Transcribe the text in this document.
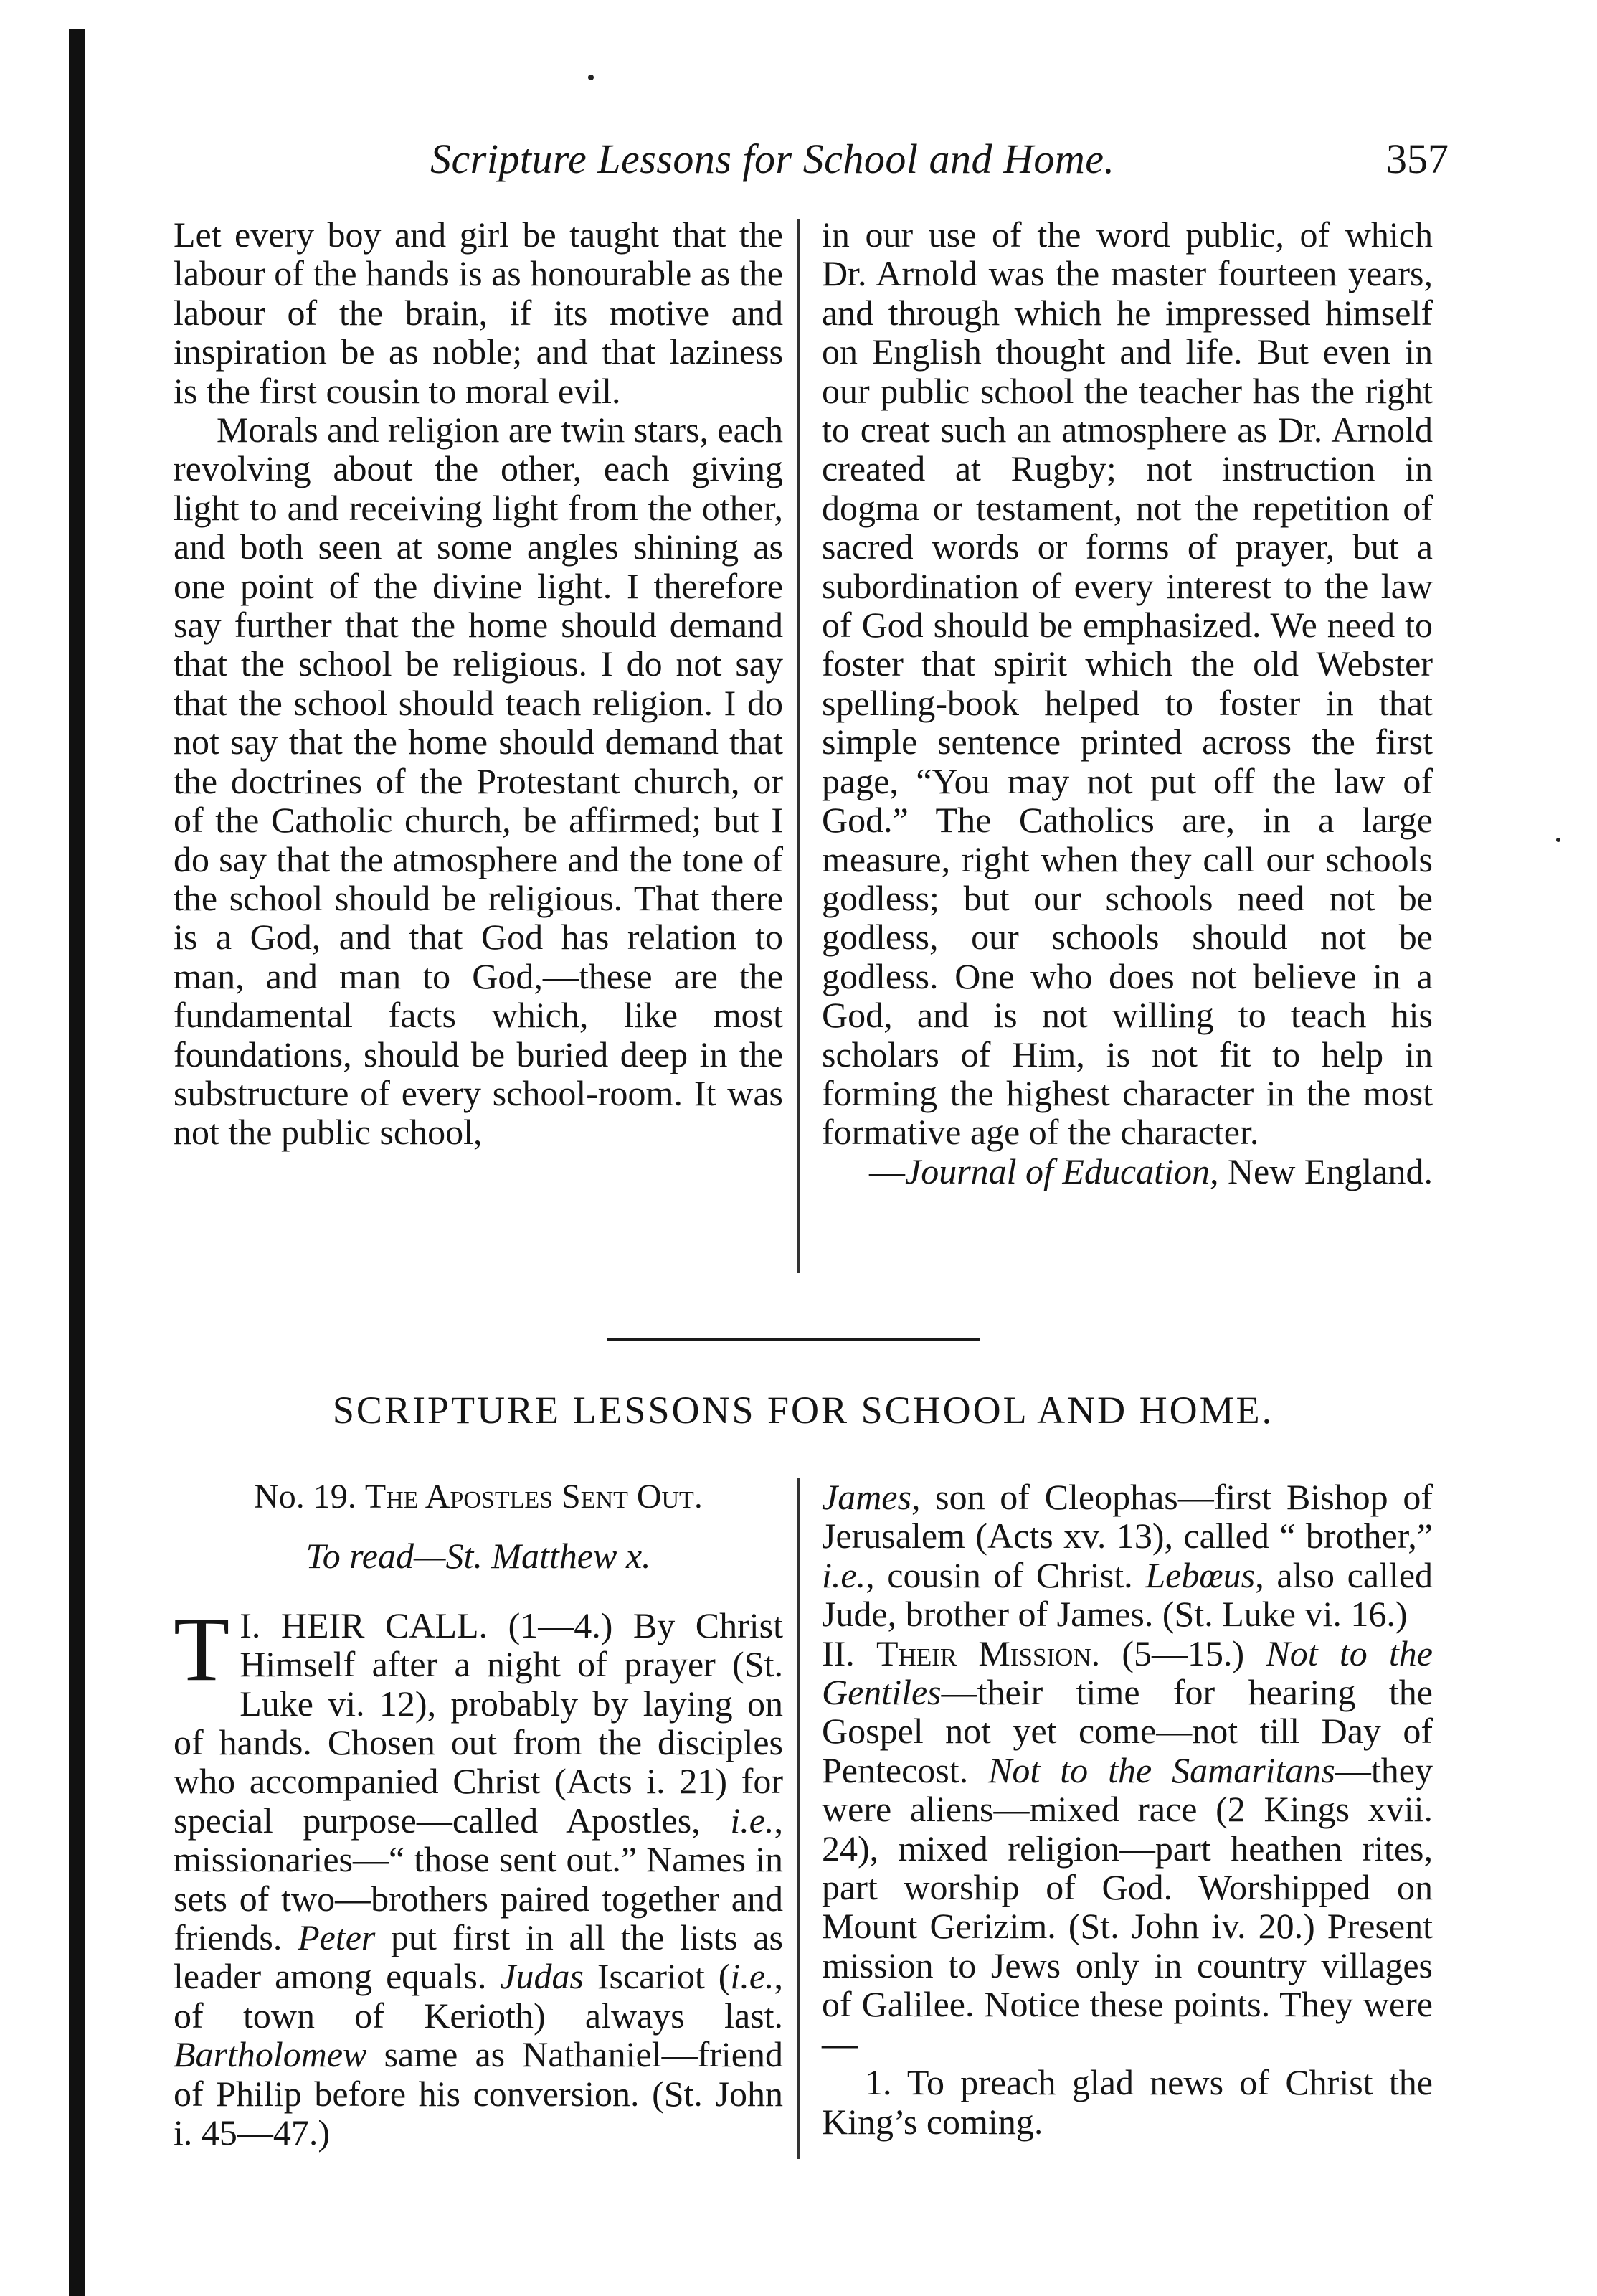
Scripture Lessons for School and Home.	357

Let every boy and girl be taught that the labour of the hands is as honourable as the labour of the brain, if its motive and inspiration be as noble; and that laziness is the first cousin to moral evil.

Morals and religion are twin stars, each revolving about the other, each giving light to and receiving light from the other, and both seen at some angles shining as one point of the divine light. I therefore say further that the home should demand that the school be religious. I do not say that the school should teach religion. I do not say that the home should demand that the doctrines of the Protestant church, or of the Catholic church, be affirmed; but I do say that the atmosphere and the tone of the school should be religious. That there is a God, and that God has relation to man, and man to God,—these are the fundamental facts which, like most foundations, should be buried deep in the substructure of every school-room. It was not the public school,

in our use of the word public, of which Dr. Arnold was the master fourteen years, and through which he impressed himself on English thought and life. But even in our public school the teacher has the right to creat such an atmosphere as Dr. Arnold created at Rugby; not instruction in dogma or testament, not the repetition of sacred words or forms of prayer, but a subordination of every interest to the law of God should be emphasized. We need to foster that spirit which the old Webster spelling-book helped to foster in that simple sentence printed across the first page, “You may not put off the law of God.” The Catholics are, in a large measure, right when they call our schools godless; but our schools need not be godless, our schools should not be godless. One who does not believe in a God, and is not willing to teach his scholars of Him, is not fit to help in forming the highest character in the most formative age of the character.

—Journal of Education, New England.

SCRIPTURE LESSONS FOR SCHOOL AND HOME.

No. 19. The Apostles Sent Out.

To read—St. Matthew x.

I.
T HEIR CALL. (1—4.) By Christ Himself after a night of prayer (St. Luke vi. 12), probably by laying on of hands. Chosen out from the disciples who accompanied Christ (Acts i. 21) for special purpose—called Apostles, i.e., missionaries—“ those sent out.” Names in sets of two—brothers paired together and friends. Peter put first in all the lists as leader among equals. Judas Iscariot (i.e., of town of Kerioth) always last. Bartholomew same as Nathaniel—friend of Philip before his conversion. (St. John i. 45—47.)

James, son of Cleophas—first Bishop of Jerusalem (Acts xv. 13), called “ brother,” i.e., cousin of Christ. Lebœus, also called Jude, brother of James. (St. Luke vi. 16.)

II. Their Mission. (5—15.) Not to the Gentiles—their time for hearing the Gospel not yet come—not till Day of Pentecost. Not to the Samaritans—they were aliens—mixed race (2 Kings xvii. 24), mixed religion—part heathen rites, part worship of God. Worshipped on Mount Gerizim. (St. John iv. 20.) Present mission to Jews only in country villages of Galilee. Notice these points. They were—

1. To preach glad news of Christ the King’s coming.
